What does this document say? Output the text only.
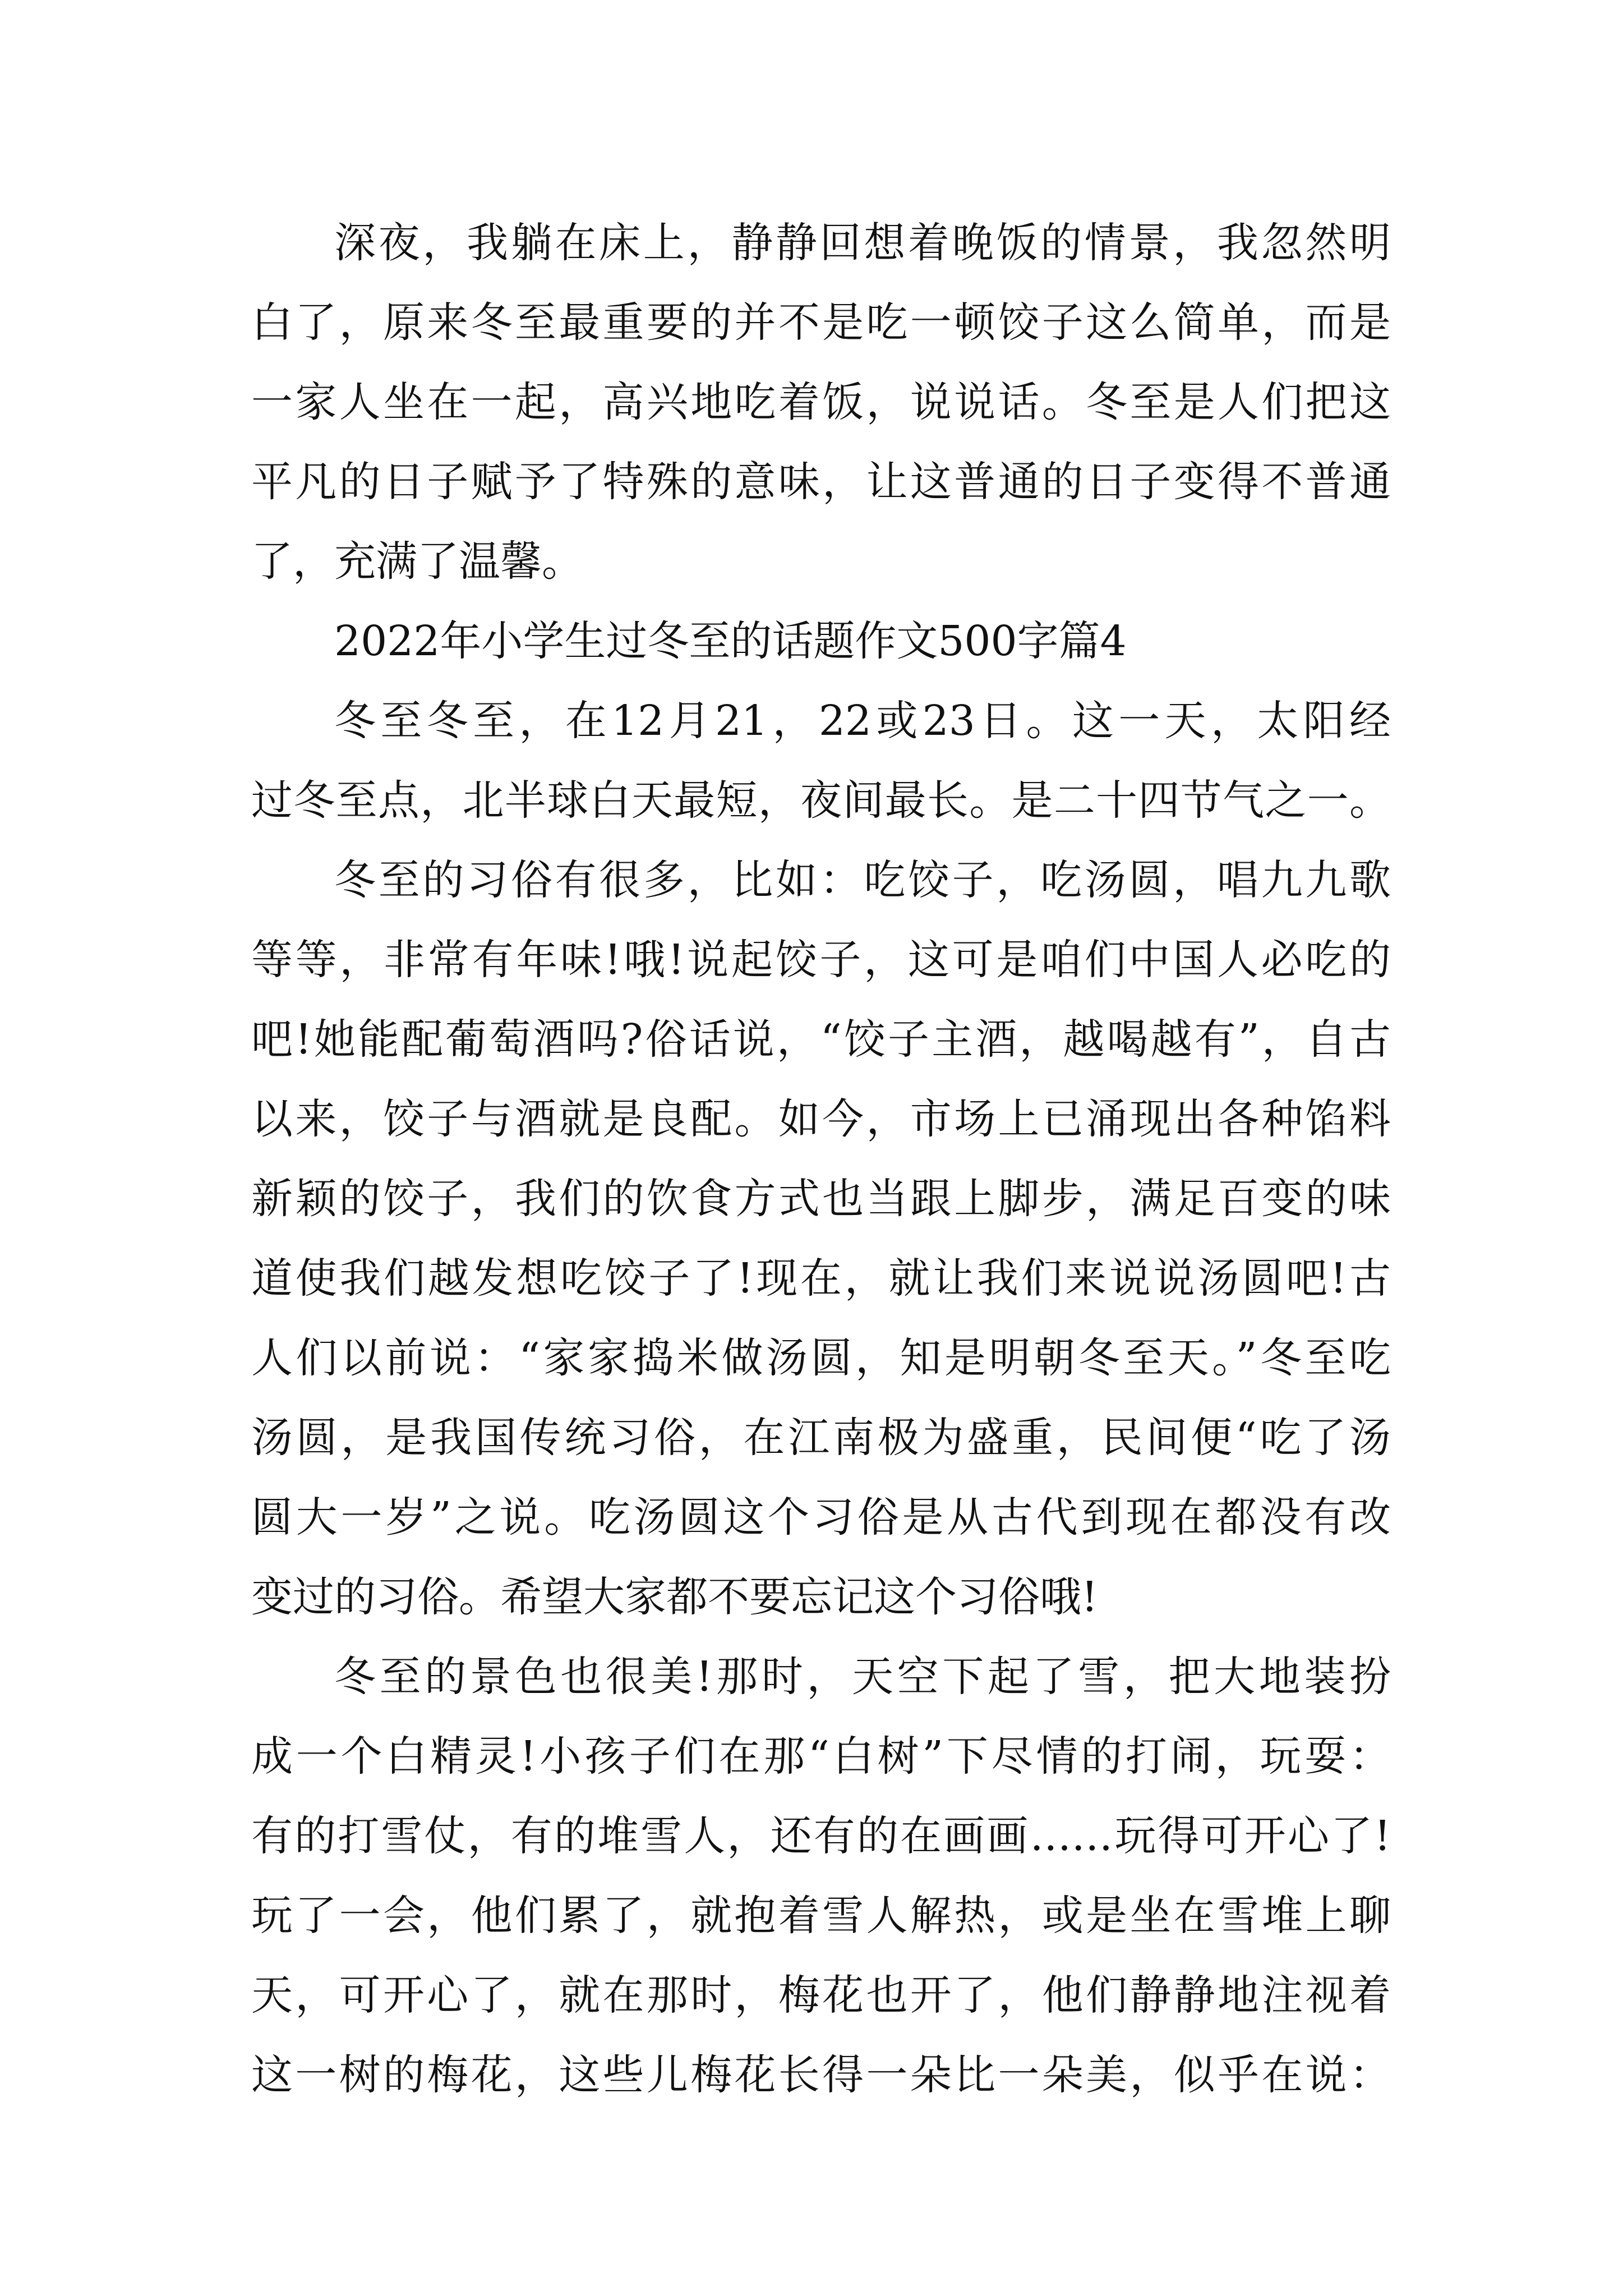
深夜，我躺在床上，静静回想着晚饭的情景，我忽然明
白了，原来冬至最重要的并不是吃一顿饺子这么简单，而是
一家人坐在一起，高兴地吃着饭，说说话。冬至是人们把这
平凡的日子赋予了特殊的意味，让这普通的日子变得不普通
了，充满了温馨。
2022年小学生过冬至的话题作文500字篇4
冬至冬至，在12月21，22或23日。这一天，太阳经
过冬至点，北半球白天最短，夜间最长。是二十四节气之一。
冬至的习俗有很多，比如：吃饺子，吃汤圆，唱九九歌
等等，非常有年味!哦!说起饺子，这可是咱们中国人必吃的
吧!她能配葡萄酒吗?俗话说，“饺子主酒，越喝越有”，自古
以来，饺子与酒就是良配。如今，市场上已涌现出各种馅料
新颖的饺子，我们的饮食方式也当跟上脚步，满足百变的味
道使我们越发想吃饺子了!现在，就让我们来说说汤圆吧!古
人们以前说：“家家捣米做汤圆，知是明朝冬至天。”冬至吃
汤圆，是我国传统习俗，在江南极为盛重，民间便“吃了汤
圆大一岁”之说。吃汤圆这个习俗是从古代到现在都没有改
变过的习俗。希望大家都不要忘记这个习俗哦!
冬至的景色也很美!那时，天空下起了雪，把大地装扮
成一个白精灵!小孩子们在那“白树”下尽情的打闹，玩耍：
有的打雪仗，有的堆雪人，还有的在画画……玩得可开心了!
玩了一会，他们累了，就抱着雪人解热，或是坐在雪堆上聊
天，可开心了，就在那时，梅花也开了，他们静静地注视着
这一树的梅花，这些儿梅花长得一朵比一朵美，似乎在说：
